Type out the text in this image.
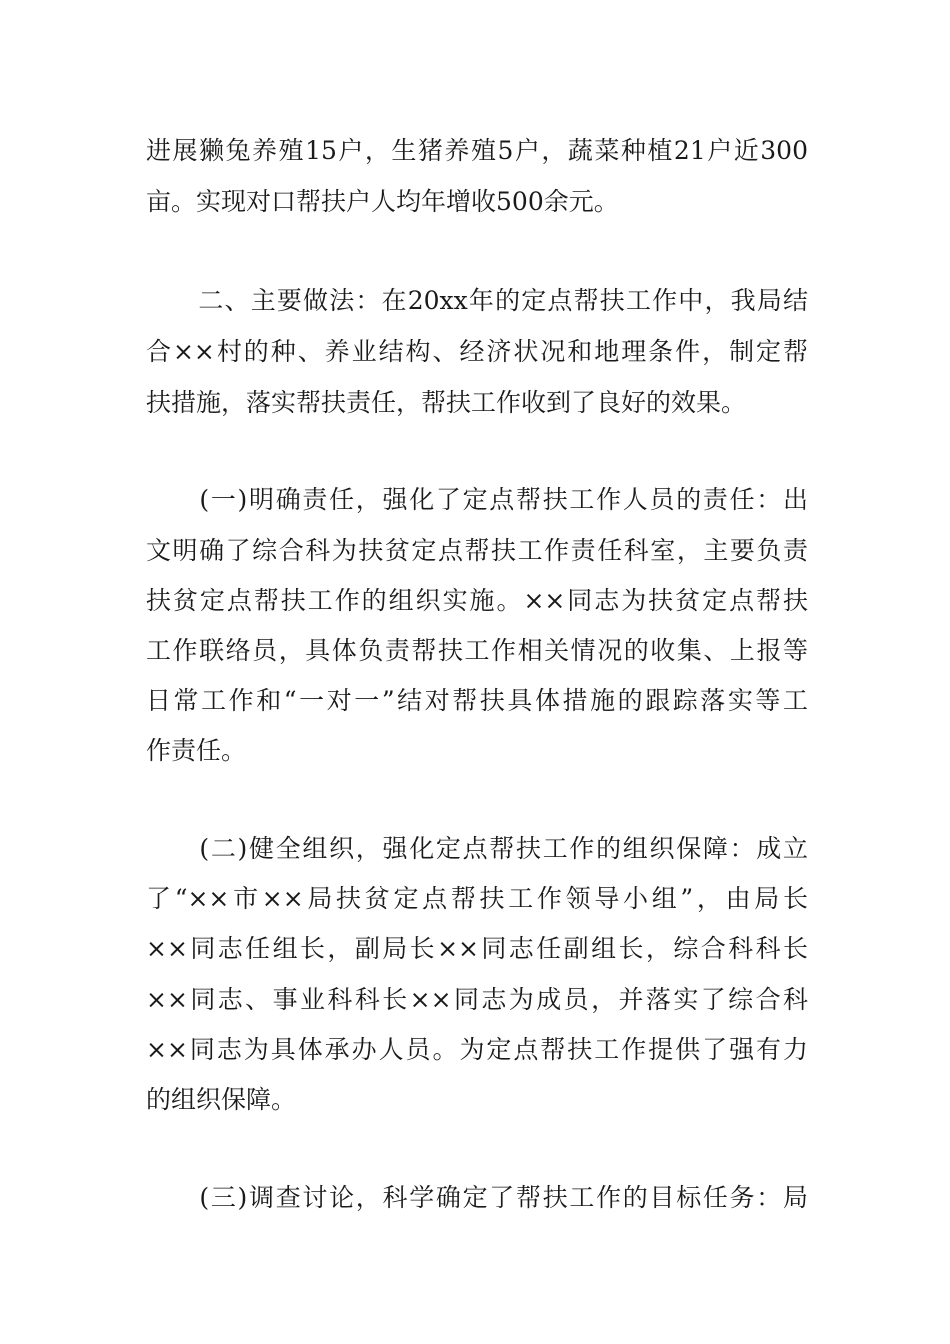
进展獭兔养殖15户，生猪养殖5户，蔬菜种植21户近300
亩。实现对口帮扶户人均年增收500余元。
　　二、主要做法：在20xx年的定点帮扶工作中，我局结
合××村的种、养业结构、经济状况和地理条件，制定帮
扶措施，落实帮扶责任，帮扶工作收到了良好的效果。
　　(一)明确责任，强化了定点帮扶工作人员的责任：出
文明确了综合科为扶贫定点帮扶工作责任科室，主要负责
扶贫定点帮扶工作的组织实施。××同志为扶贫定点帮扶
工作联络员，具体负责帮扶工作相关情况的收集、上报等
日常工作和“一对一”结对帮扶具体措施的跟踪落实等工
作责任。
　　(二)健全组织，强化定点帮扶工作的组织保障：成立
了“××市××局扶贫定点帮扶工作领导小组”，由局长
××同志任组长，副局长××同志任副组长，综合科科长
××同志、事业科科长××同志为成员，并落实了综合科
××同志为具体承办人员。为定点帮扶工作提供了强有力
的组织保障。
　　(三)调查讨论，科学确定了帮扶工作的目标任务：局
